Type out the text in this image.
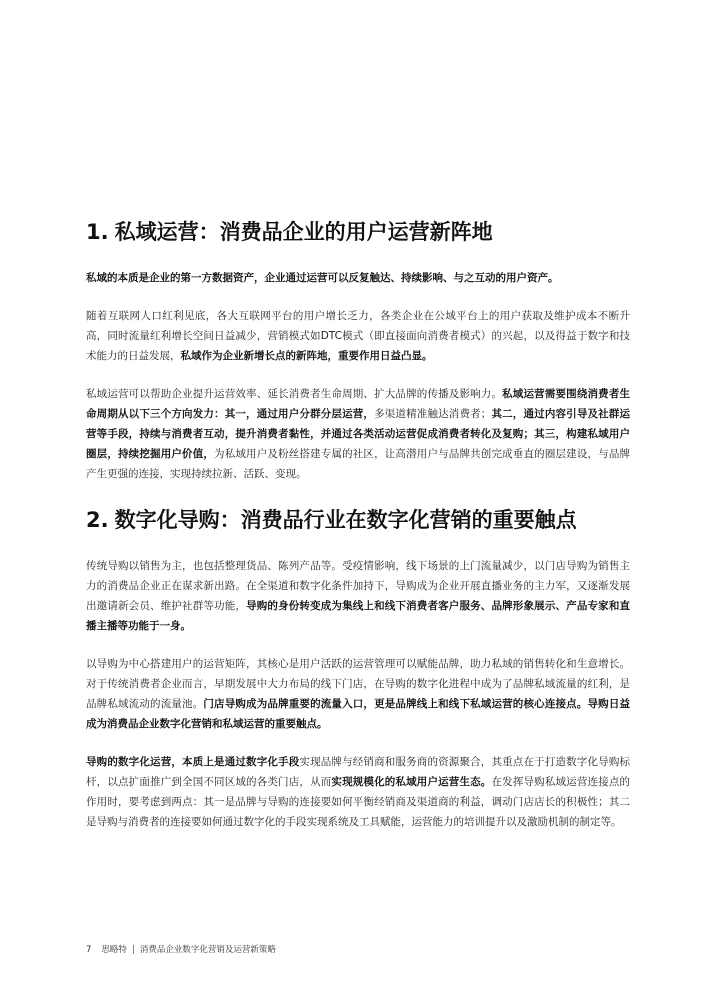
1. 私域运营：消费品企业的用户运营新阵地

私域的本质是企业的第一方数据资产，企业通过运营可以反复触达、持续影响、与之互动的用户资产。

随着互联网人口红利见底，各大互联网平台的用户增长乏力，各类企业在公域平台上的用户获取及维护成本不断升高，同时流量红利增长空间日益减少，营销模式如DTC模式（即直接面向消费者模式）的兴起，以及得益于数字和技术能力的日益发展，私域作为企业新增长点的新阵地，重要作用日益凸显。

私域运营可以帮助企业提升运营效率、延长消费者生命周期、扩大品牌的传播及影响力。私域运营需要围绕消费者生命周期从以下三个方向发力：其一，通过用户分群分层运营，多渠道精准触达消费者；其二，通过内容引导及社群运营等手段，持续与消费者互动，提升消费者黏性，并通过各类活动运营促成消费者转化及复购；其三，构建私域用户圈层，持续挖掘用户价值，为私域用户及粉丝搭建专属的社区，让高潜用户与品牌共创完成垂直的圈层建设，与品牌产生更强的连接，实现持续拉新、活跃、变现。

2. 数字化导购：消费品行业在数字化营销的重要触点

传统导购以销售为主，也包括整理货品、陈列产品等。受疫情影响，线下场景的上门流量减少，以门店导购为销售主力的消费品企业正在谋求新出路。在全渠道和数字化条件加持下，导购成为企业开展直播业务的主力军，又逐渐发展出邀请新会员、维护社群等功能，导购的身份转变成为集线上和线下消费者客户服务、品牌形象展示、产品专家和直播主播等功能于一身。

以导购为中心搭建用户的运营矩阵，其核心是用户活跃的运营管理可以赋能品牌，助力私域的销售转化和生意增长。对于传统消费者企业而言，早期发展中大力布局的线下门店，在导购的数字化进程中成为了品牌私域流量的红利，是品牌私域流动的流量池。门店导购成为品牌重要的流量入口，更是品牌线上和线下私域运营的核心连接点。导购日益成为消费品企业数字化营销和私域运营的重要触点。

导购的数字化运营，本质上是通过数字化手段实现品牌与经销商和服务商的资源聚合，其重点在于打造数字化导购标杆，以点扩面推广到全国不同区域的各类门店，从而实现规模化的私域用户运营生态。在发挥导购私域运营连接点的作用时，要考虑到两点：其一是品牌与导购的连接要如何平衡经销商及渠道商的利益，调动门店店长的积极性；其二是导购与消费者的连接要如何通过数字化的手段实现系统及工具赋能，运营能力的培训提升以及激励机制的制定等。

7 思略特 | 消费品企业数字化营销及运营新策略
